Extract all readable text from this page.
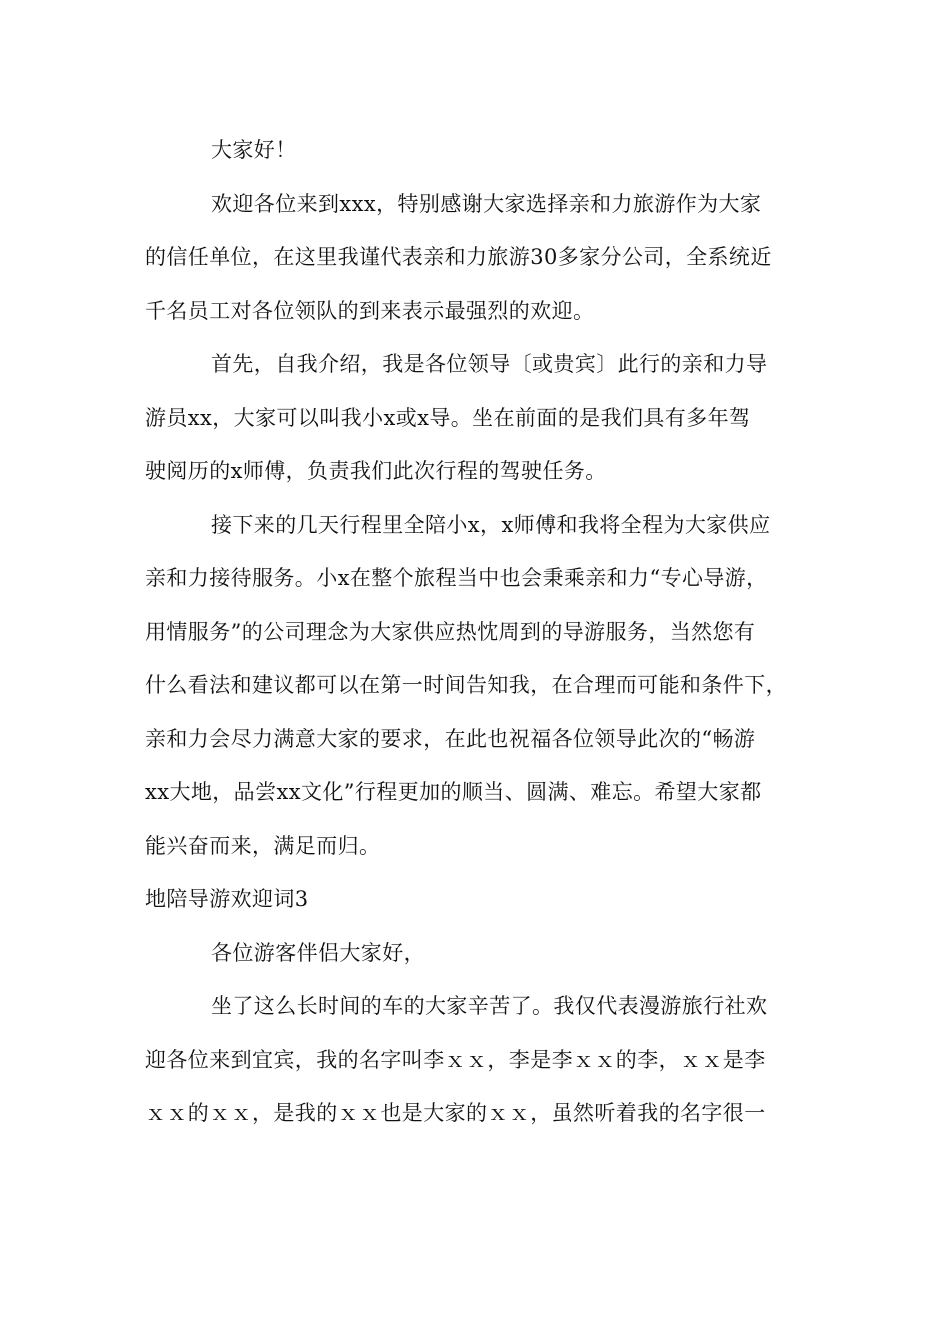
大家好！
欢迎各位来到xxx，特别感谢大家选择亲和力旅游作为大家
的信任单位，在这里我谨代表亲和力旅游30多家分公司，全系统近
千名员工对各位领队的到来表示最强烈的欢迎。
首先，自我介绍，我是各位领导〔或贵宾〕此行的亲和力导
游员xx，大家可以叫我小x或x导。坐在前面的是我们具有多年驾
驶阅历的x师傅，负责我们此次行程的驾驶任务。
接下来的几天行程里全陪小x，x师傅和我将全程为大家供应
亲和力接待服务。小x在整个旅程当中也会秉乘亲和力“专心导游，
用情服务”的公司理念为大家供应热忱周到的导游服务，当然您有
什么看法和建议都可以在第一时间告知我，在合理而可能和条件下，
亲和力会尽力满意大家的要求，在此也祝福各位领导此次的“畅游
xx大地，品尝xx文化”行程更加的顺当、圆满、难忘。希望大家都
能兴奋而来，满足而归。
地陪导游欢迎词3
各位游客伴侣大家好，
坐了这么长时间的车的大家辛苦了。我仅代表漫游旅行社欢
迎各位来到宜宾，我的名字叫李ｘｘ，李是李ｘｘ的李，ｘｘ是李
ｘｘ的ｘｘ，是我的ｘｘ也是大家的ｘｘ，虽然听着我的名字很一
